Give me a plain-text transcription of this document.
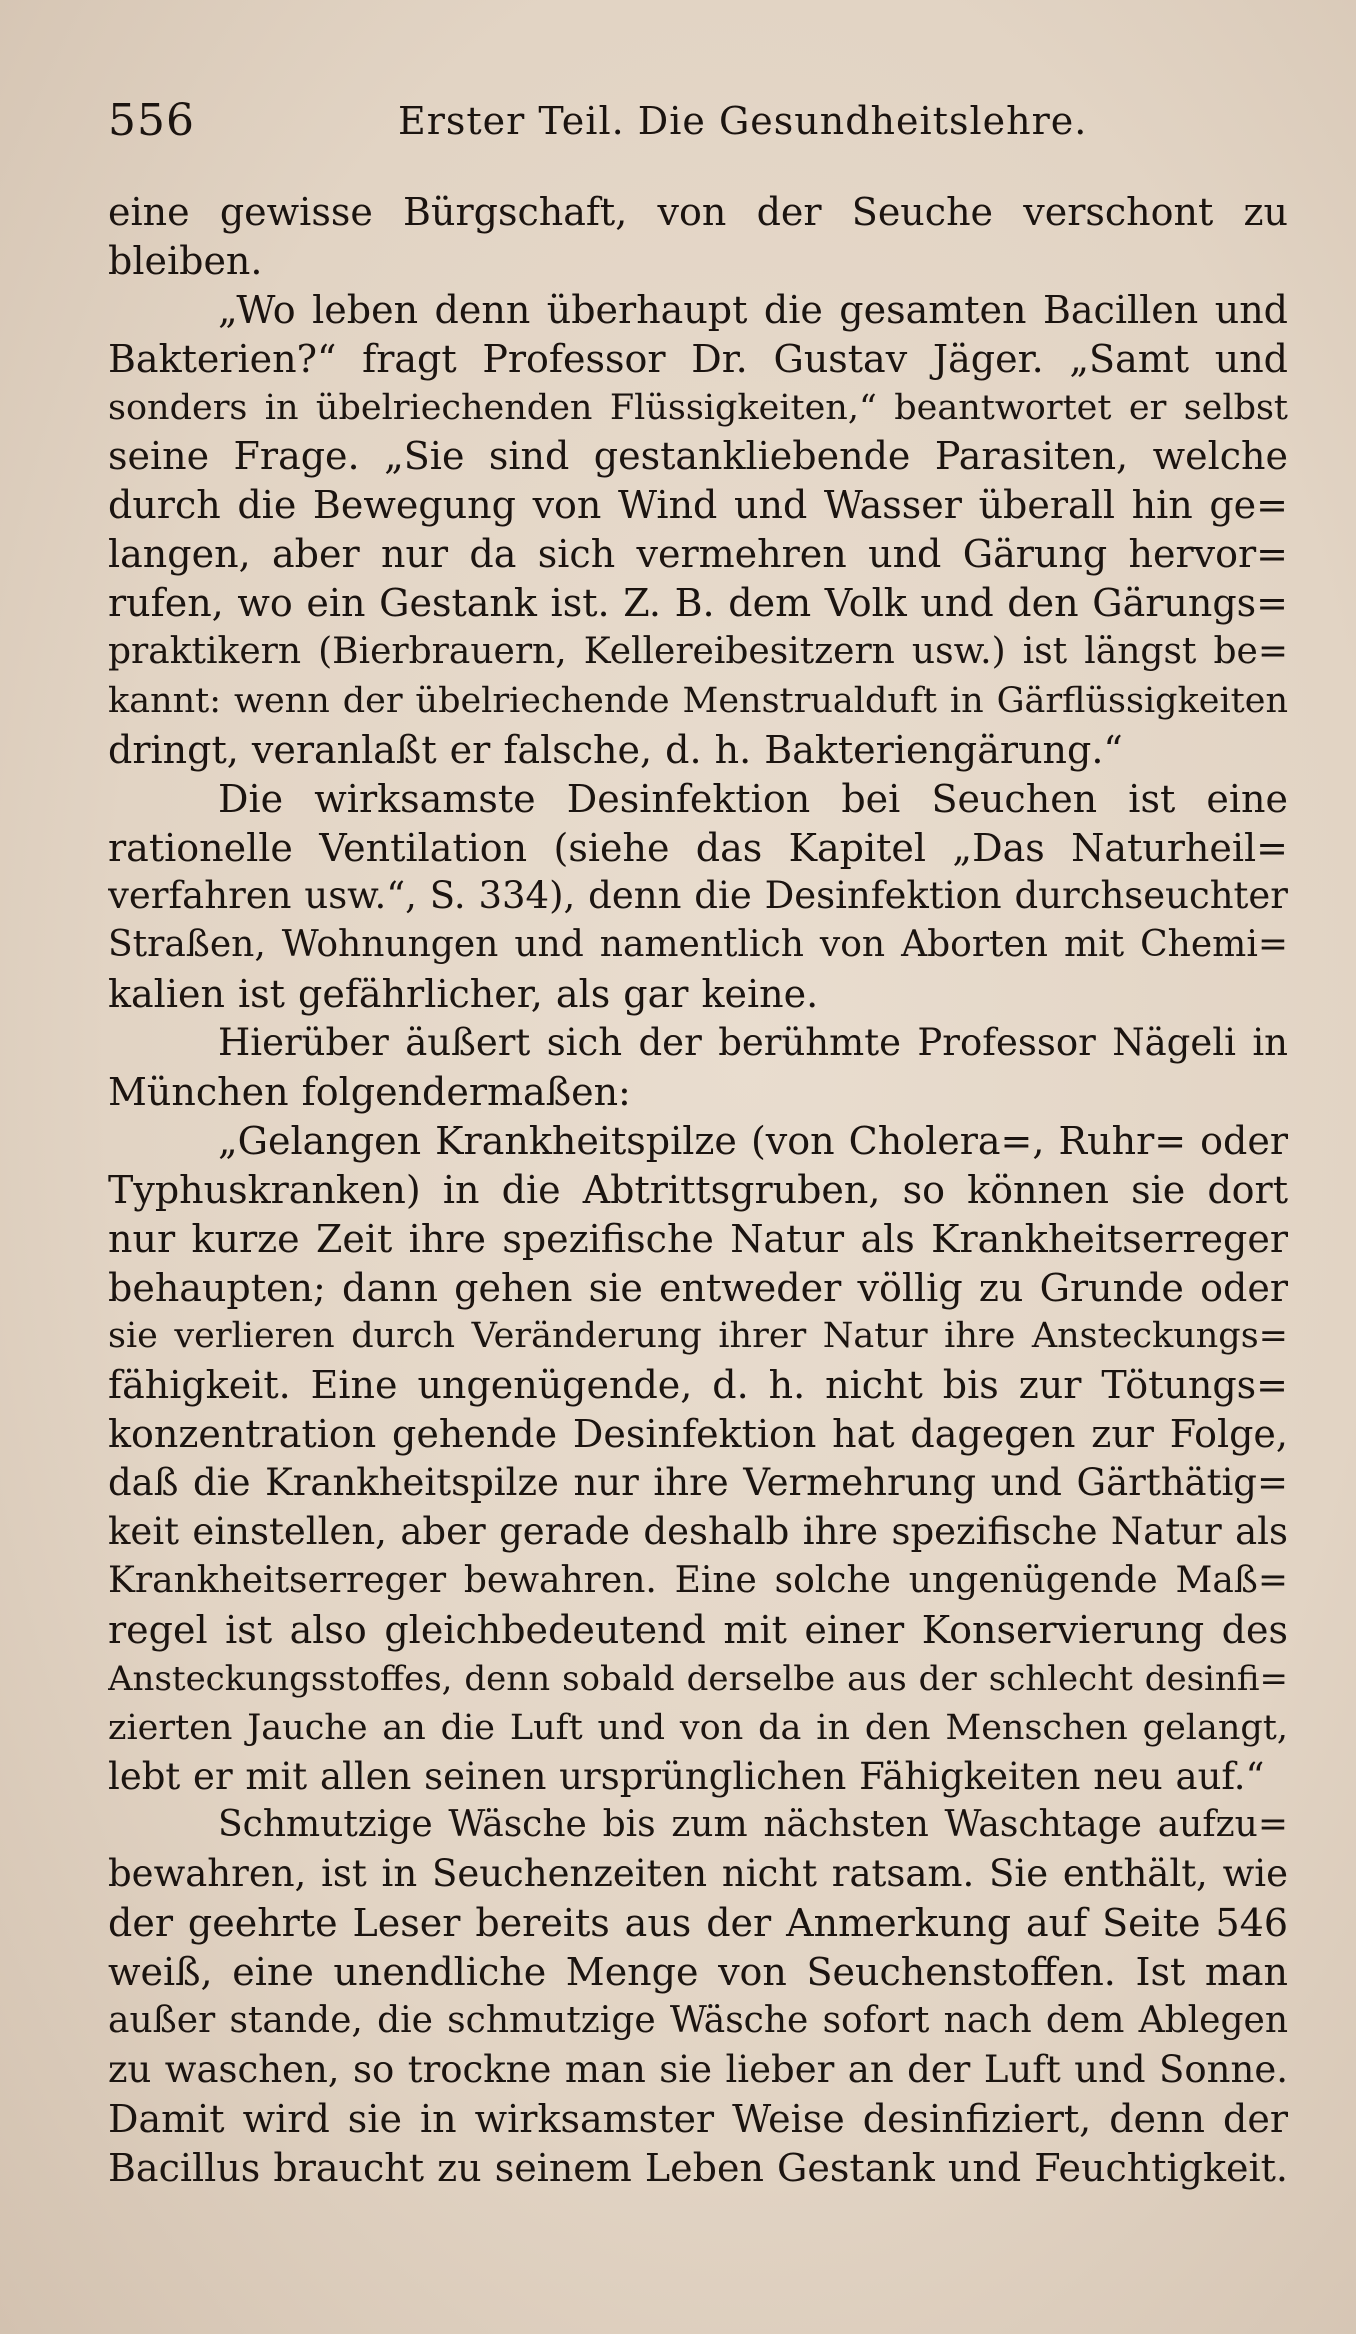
556	Erster Teil. Die Gesundheitslehre.
eine gewisse Bürgschaft, von der Seuche verschont zu
bleiben.
„Wo leben denn überhaupt die gesamten Bacillen und
Bakterien?“ fragt Professor Dr. Gustav Jäger. „Samt und
sonders in übelriechenden Flüssigkeiten,“ beantwortet er selbst
seine Frage. „Sie sind gestankliebende Parasiten, welche
durch die Bewegung von Wind und Wasser überall hin ge=
langen, aber nur da sich vermehren und Gärung hervor=
rufen, wo ein Gestank ist. Z. B. dem Volk und den Gärungs=
praktikern (Bierbrauern, Kellereibesitzern usw.) ist längst be=
kannt: wenn der übelriechende Menstrualduft in Gärflüssigkeiten
dringt, veranlaßt er falsche, d. h. Bakteriengärung.“
Die wirksamste Desinfektion bei Seuchen ist eine
rationelle Ventilation (siehe das Kapitel „Das Naturheil=
verfahren usw.“, S. 334), denn die Desinfektion durchseuchter
Straßen, Wohnungen und namentlich von Aborten mit Chemi=
kalien ist gefährlicher, als gar keine.
Hierüber äußert sich der berühmte Professor Nägeli in
München folgendermaßen:
„Gelangen Krankheitspilze (von Cholera=, Ruhr= oder
Typhuskranken) in die Abtrittsgruben, so können sie dort
nur kurze Zeit ihre spezifische Natur als Krankheitserreger
behaupten; dann gehen sie entweder völlig zu Grunde oder
sie verlieren durch Veränderung ihrer Natur ihre Ansteckungs=
fähigkeit. Eine ungenügende, d. h. nicht bis zur Tötungs=
konzentration gehende Desinfektion hat dagegen zur Folge,
daß die Krankheitspilze nur ihre Vermehrung und Gärthätig=
keit einstellen, aber gerade deshalb ihre spezifische Natur als
Krankheitserreger bewahren. Eine solche ungenügende Maß=
regel ist also gleichbedeutend mit einer Konservierung des
Ansteckungsstoffes, denn sobald derselbe aus der schlecht desinfi=
zierten Jauche an die Luft und von da in den Menschen gelangt,
lebt er mit allen seinen ursprünglichen Fähigkeiten neu auf.“
Schmutzige Wäsche bis zum nächsten Waschtage aufzu=
bewahren, ist in Seuchenzeiten nicht ratsam. Sie enthält, wie
der geehrte Leser bereits aus der Anmerkung auf Seite 546
weiß, eine unendliche Menge von Seuchenstoffen. Ist man
außer stande, die schmutzige Wäsche sofort nach dem Ablegen
zu waschen, so trockne man sie lieber an der Luft und Sonne.
Damit wird sie in wirksamster Weise desinfiziert, denn der
Bacillus braucht zu seinem Leben Gestank und Feuchtigkeit.
